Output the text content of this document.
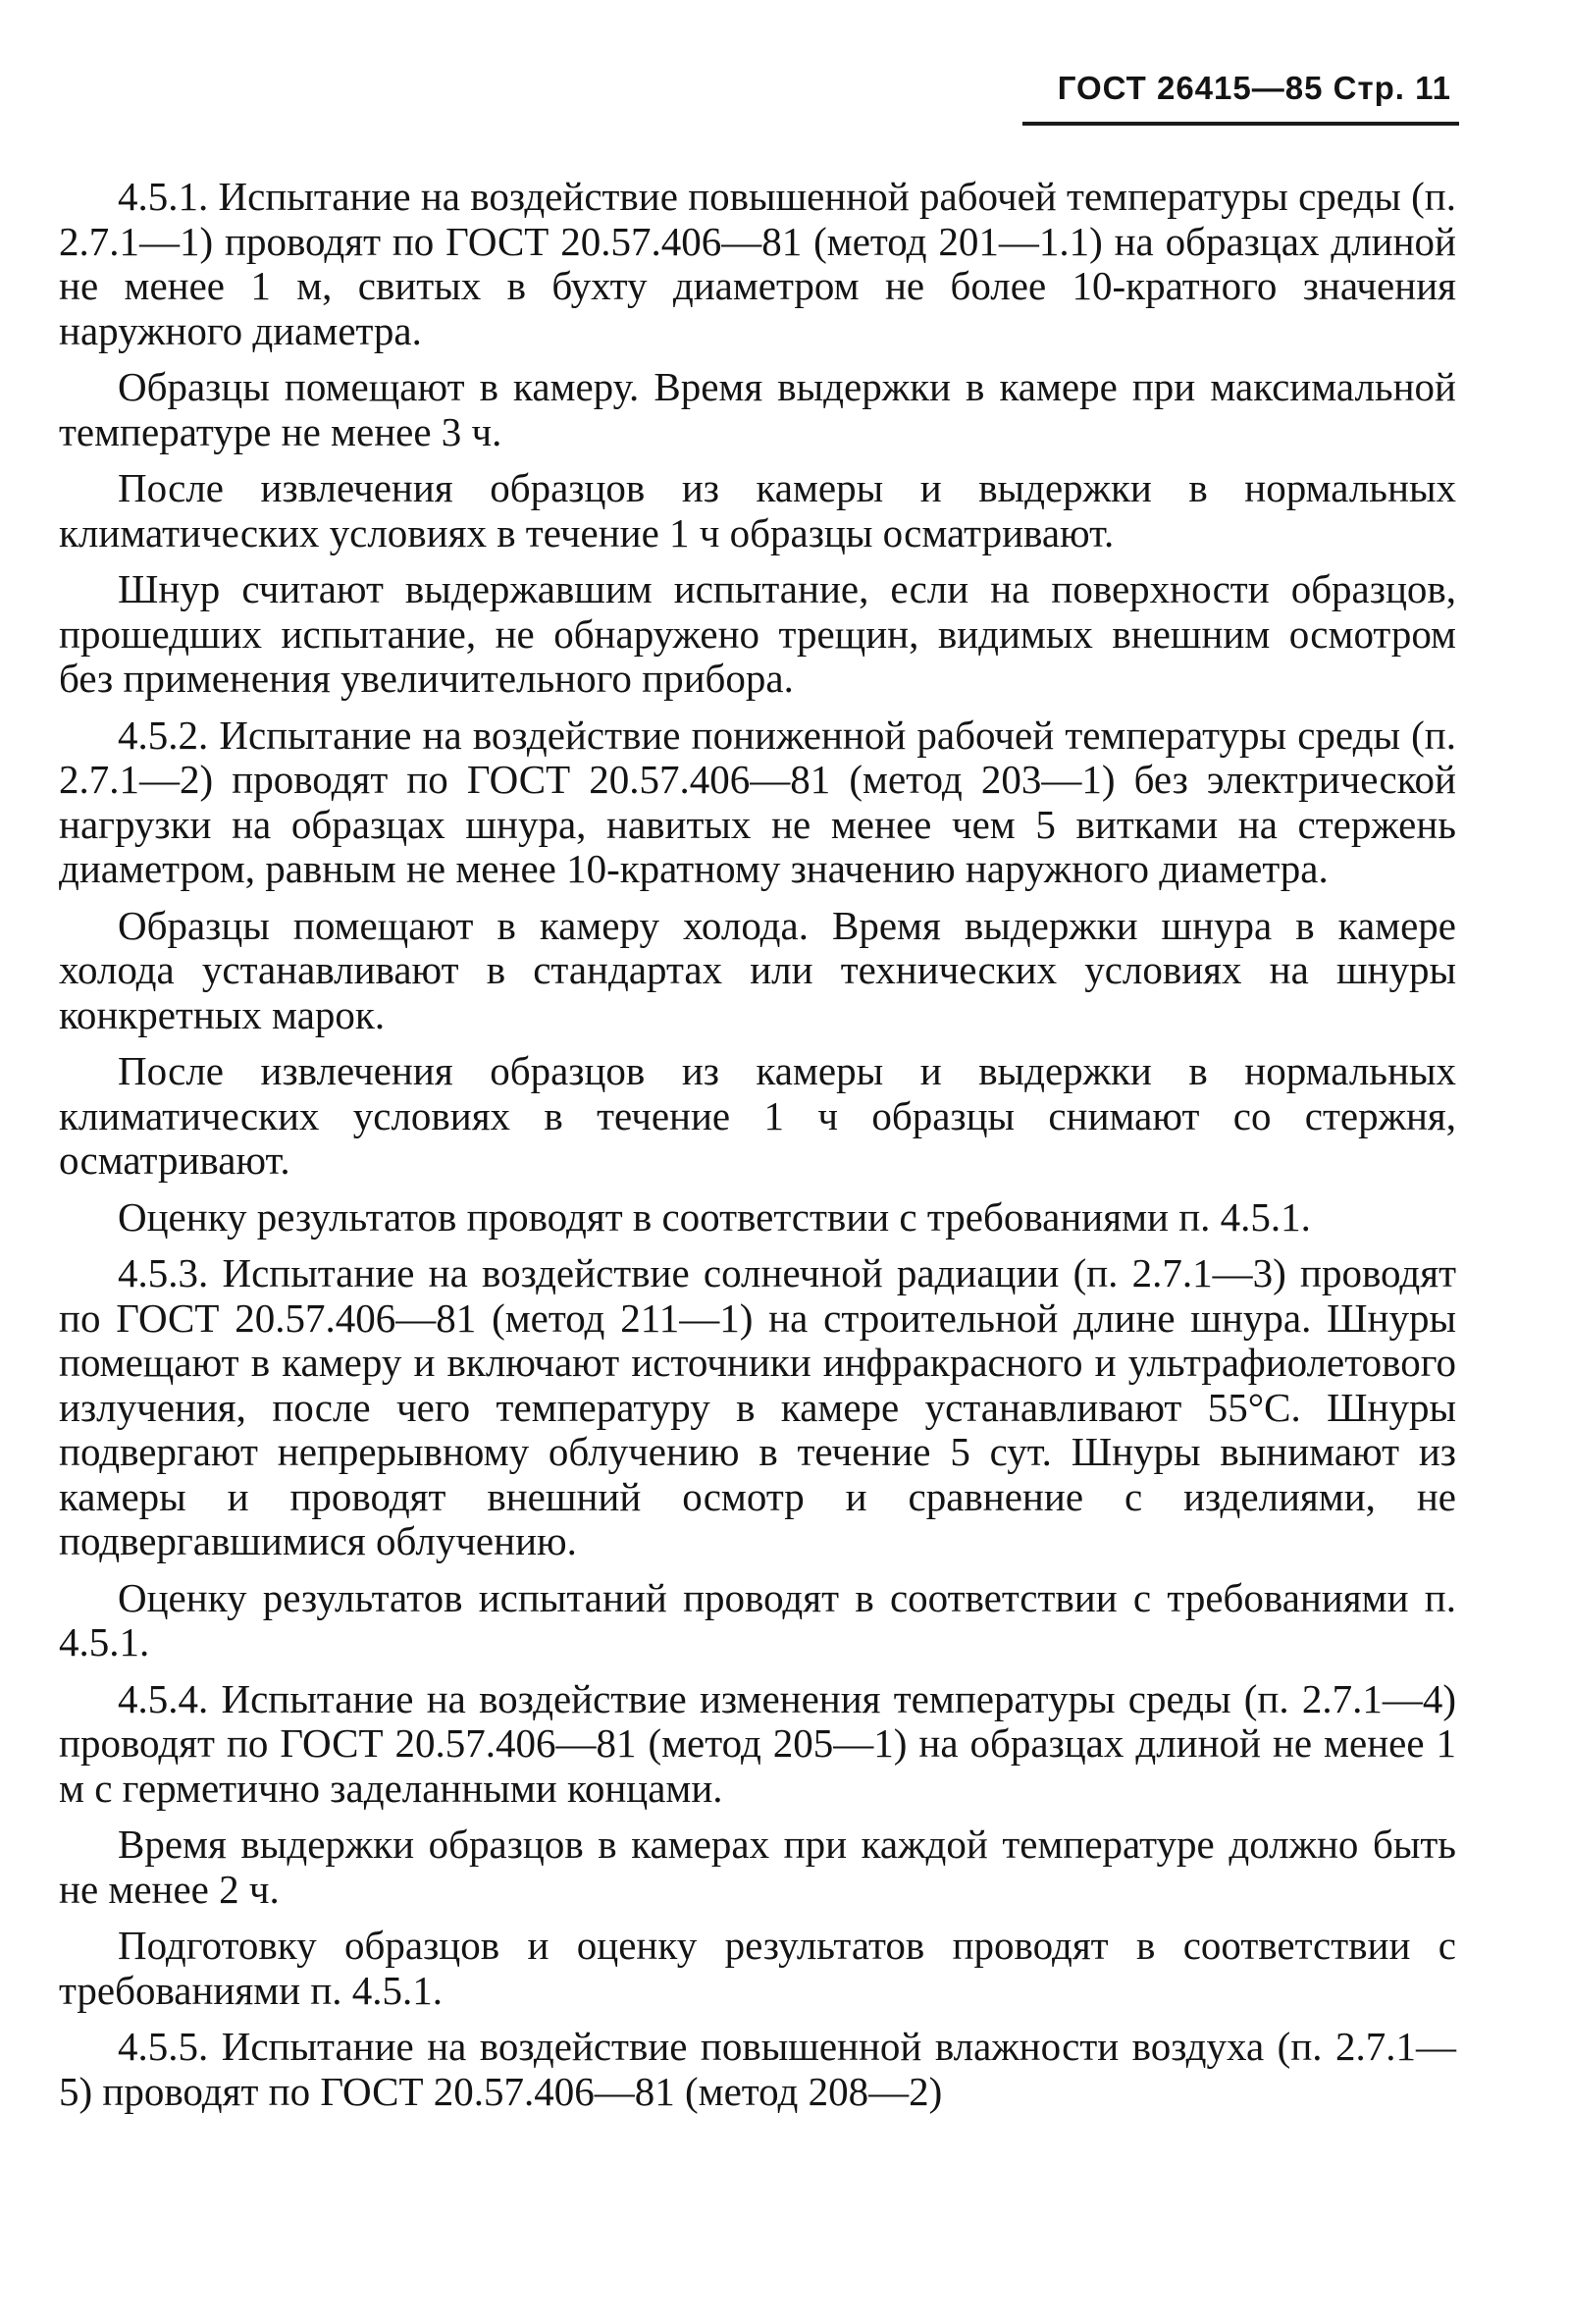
ГОСТ 26415—85 Стр. 11

4.5.1. Испытание на воздействие повышенной рабочей температуры среды (п. 2.7.1—1) проводят по ГОСТ 20.57.406—81 (метод 201—1.1) на образцах длиной не менее 1 м, свитых в бухту диаметром не более 10-кратного значения наружного диаметра.

Образцы помещают в камеру. Время выдержки в камере при максимальной температуре не менее 3 ч.

После извлечения образцов из камеры и выдержки в нормальных климатических условиях в течение 1 ч образцы осматривают.

Шнур считают выдержавшим испытание, если на поверхности образцов, прошедших испытание, не обнаружено трещин, видимых внешним осмотром без применения увеличительного прибора.

4.5.2. Испытание на воздействие пониженной рабочей температуры среды (п. 2.7.1—2) проводят по ГОСТ 20.57.406—81 (метод 203—1) без электрической нагрузки на образцах шнура, навитых не менее чем 5 витками на стержень диаметром, равным не менее 10-кратному значению наружного диаметра.

Образцы помещают в камеру холода. Время выдержки шнура в камере холода устанавливают в стандартах или технических условиях на шнуры конкретных марок.

После извлечения образцов из камеры и выдержки в нормальных климатических условиях в течение 1 ч образцы снимают со стержня, осматривают.

Оценку результатов проводят в соответствии с требованиями п. 4.5.1.

4.5.3. Испытание на воздействие солнечной радиации (п. 2.7.1—3) проводят по ГОСТ 20.57.406—81 (метод 211—1) на строительной длине шнура. Шнуры помещают в камеру и включают источники инфракрасного и ультрафиолетового излучения, после чего температуру в камере устанавливают 55°С. Шнуры подвергают непрерывному облучению в течение 5 сут. Шнуры вынимают из камеры и проводят внешний осмотр и сравнение с изделиями, не подвергавшимися облучению.

Оценку результатов испытаний проводят в соответствии с требованиями п. 4.5.1.

4.5.4. Испытание на воздействие изменения температуры среды (п. 2.7.1—4) проводят по ГОСТ 20.57.406—81 (метод 205—1) на образцах длиной не менее 1 м с герметично заделанными концами.

Время выдержки образцов в камерах при каждой температуре должно быть не менее 2 ч.

Подготовку образцов и оценку результатов проводят в соответствии с требованиями п. 4.5.1.

4.5.5. Испытание на воздействие повышенной влажности воздуха (п. 2.7.1—5) проводят по ГОСТ 20.57.406—81 (метод 208—2)
